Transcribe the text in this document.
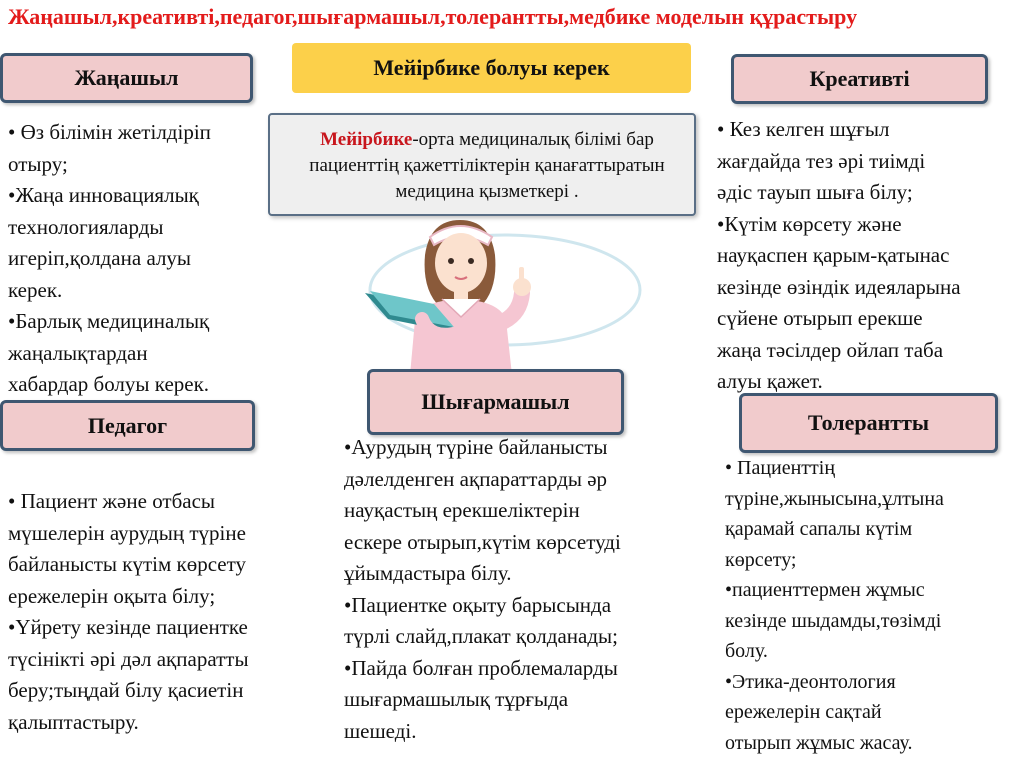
Жаңашыл,креативті,педагог,шығармашыл,толерантты,медбике моделын құрастыру
Мейірбике болуы керек
Мейірбике-орта медициналық білімі бар пациенттің қажеттіліктерін қанағаттыратын медицина қызметкері .
Жаңашыл	Креативті
Педагог
Шығармашыл
Толерантты

• Өз білімін жетілдіріп

отыру;

•Жаңа инновациялық

технологияларды

игеріп,қолдана алуы

керек.

•Барлық медициналық

жаңалықтардан

хабардар болуы керек.

• Кез келген шұғыл

жағдайда тез әрі тиімді

әдіс тауып шыға білу;

•Күтім көрсету және

науқаспен қарым-қатынас

кезінде өзіндік идеяларына

сүйене отырып ерекше

жаңа тәсілдер ойлап таба

алуы қажет.

• Пациент және отбасы

мүшелерін аурудың түріне

байланысты күтім көрсету

ережелерін оқыта білу;

•Үйрету кезінде пациентке

түсінікті әрі дәл ақпаратты

беру;тыңдай білу қасиетін

қалыптастыру.

•Аурудың түріне байланысты

дәлелденген ақпараттарды әр

науқастың ерекшеліктерін

ескере отырып,күтім көрсетуді

ұйымдастыра білу.

•Пациентке оқыту барысында

түрлі слайд,плакат қолданады;

•Пайда болған проблемаларды

шығармашылық тұрғыда

шешеді.

• Пациенттің

түріне,жынысына,ұлтына

қарамай сапалы күтім

көрсету;

•пациенттермен жұмыс

кезінде шыдамды,төзімді

болу.

•Этика-деонтология

ережелерін сақтай

отырып жұмыс жасау.
